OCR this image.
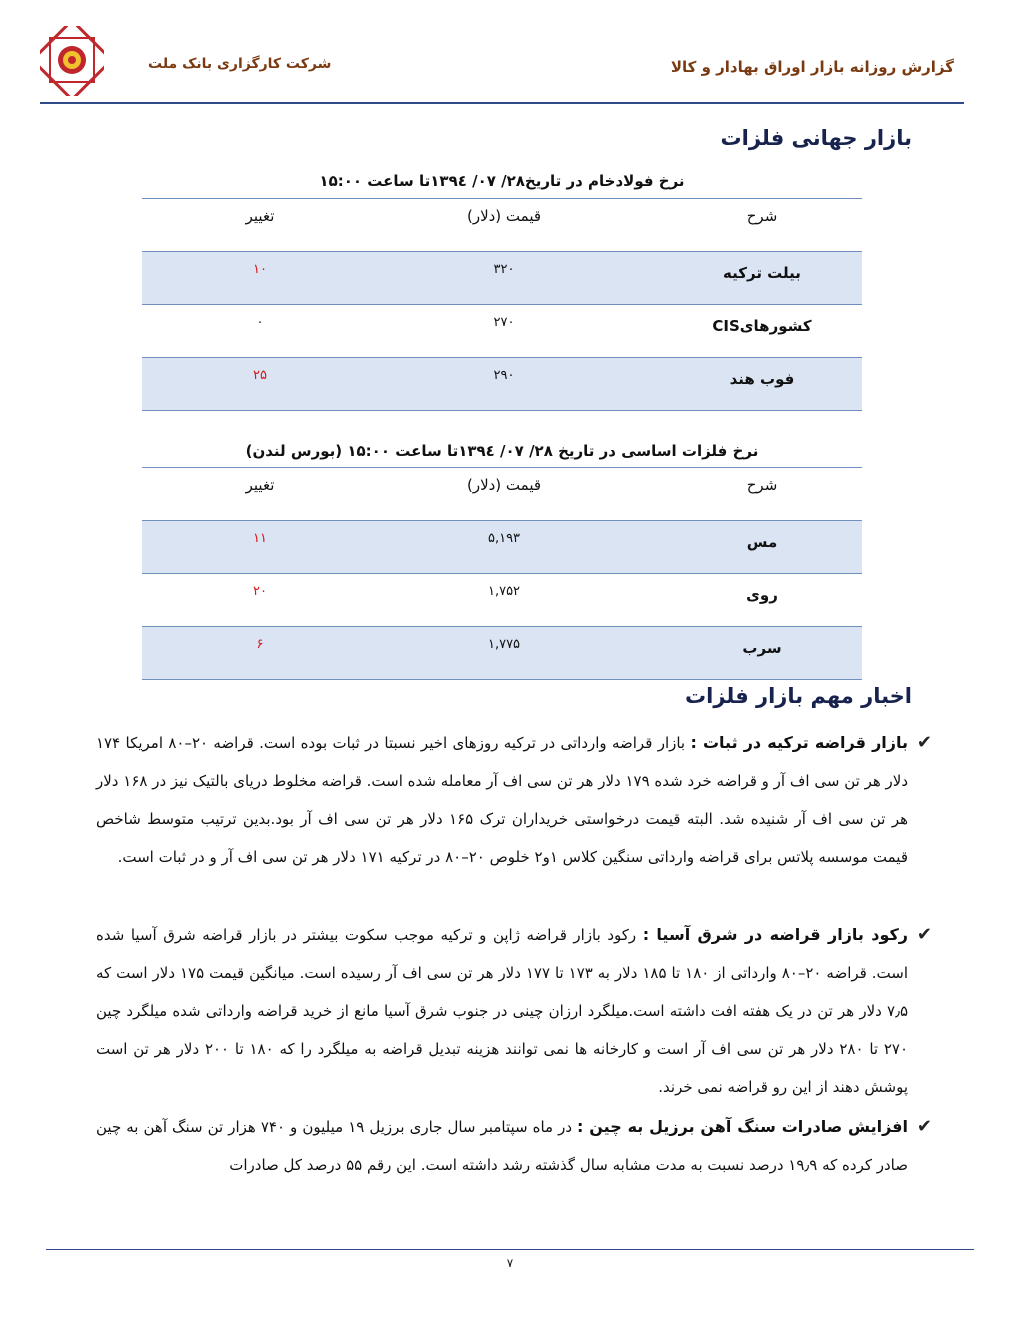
شرکت کارگزاری بانک ملت	گزارش روزانه بازار اوراق بهادار و کالا
بازار جهانی فلزات
نرخ فولادخام در تاریخ۲۸/ ۰۷/ ۱۳۹٤تا ساعت ۱۵:۰۰
شرح
قیمت (دلار)
تغییر
بیلت ترکیه
۳۲۰
۱۰
کشورهایCIS
۲۷۰
۰
فوب هند
۲۹۰
۲۵
نرخ فلزات اساسی در تاریخ ۲۸/ ۰۷/ ۱۳۹٤تا ساعت ۱۵:۰۰ (بورس لندن)
شرح
قیمت (دلار)
تغییر
مس
۵,۱۹۳
۱۱
روی
۱,۷۵۲
۲۰
سرب
۱,۷۷۵
۶
اخبار مهم بازار فلزات
✔
بازار قراضه ترکیه در ثبات : بازار قراضه وارداتی در ترکیه روزهای اخیر نسبتا در ثبات بوده است. قراضه ۲۰–۸۰ امریکا ۱۷۴ دلار هر تن سی اف آر و قراضه خرد شده ۱۷۹ دلار هر تن سی اف آر معامله شده است. قراضه مخلوط دریای بالتیک نیز در ۱۶۸ دلار هر تن سی اف آر شنیده شد. البته قیمت درخواستی خریداران ترک ۱۶۵ دلار هر تن سی اف آر بود.بدین ترتیب متوسط شاخص قیمت موسسه پلاتس برای قراضه وارداتی سنگین کلاس ۱و۲ خلوص ۲۰–۸۰ در ترکیه ۱۷۱ دلار هر تن سی اف آر و در ثبات است.
✔
رکود بازار قراضه در شرق آسیا : رکود بازار قراضه ژاپن و ترکیه موجب سکوت بیشتر در بازار قراضه شرق آسیا شده است. قراضه ۲۰–۸۰ وارداتی از ۱۸۰ تا ۱۸۵ دلار به ۱۷۳ تا ۱۷۷ دلار هر تن سی اف آر رسیده است. میانگین قیمت ۱۷۵ دلار است که ۷٫۵ دلار هر تن در یک هفته افت داشته است.میلگرد ارزان چینی در جنوب شرق آسیا مانع از خرید قراضه وارداتی شده میلگرد چین ۲۷۰ تا ۲۸۰ دلار هر تن سی اف آر است و کارخانه ها نمی توانند هزینه تبدیل قراضه به میلگرد را که ۱۸۰ تا ۲۰۰ دلار هر تن است پوشش دهند از این رو قراضه نمی خرند.
✔
افزایش صادرات سنگ آهن برزیل به چین : در ماه سپتامبر سال جاری برزیل ۱۹ میلیون و ۷۴۰ هزار تن سنگ آهن به چین صادر کرده که ۱۹٫۹ درصد نسبت به مدت مشابه سال گذشته رشد داشته است. این رقم ۵۵ درصد کل صادرات
۷
